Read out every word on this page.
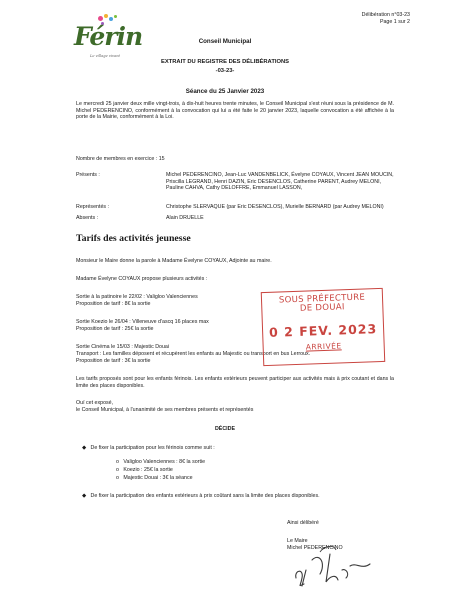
Férin
Le village vivant
Délibération n°03-23
Page 1 sur 2
Conseil Municipal
EXTRAIT DU REGISTRE DES DÉLIBÉRATIONS
-03-23-
Séance du 25 Janvier 2023
Le mercredi 25 janvier deux mille vingt-trois, à dix-huit heures trente minutes, le Conseil Municipal s'est réuni sous la présidence de M. Michel PEDERENCINO, conformément à la convocation qui lui a été faite le 20 janvier 2023, laquelle convocation a été affichée à la porte de la Mairie, conformément à la Loi.
Nombre de membres en exercice : 15
Présents :	Michel PEDERENCINO, Jean-Luc VANDENBELICK, Évelyne COYAUX, Vincent JEAN MOUCIN, Priscilla LEGRAND, Henri DAZIN, Eric DESENCLOS, Catherine PARENT, Audrey MELONI, Pauline CAHVA, Cathy DELOFFRE, Emmanuel LASSON,
Représentés :	Christophe SLERVAQUE (par Eric DESENCLOS), Murielle BERNARD (par Audrey MELONI)
Absents :	Alain DRUELLE
Tarifs des activités jeunesse
Monsieur le Maire donne la parole à Madame Évelyne COYAUX, Adjointe au maire.
Madame Évelyne COYAUX propose plusieurs activités :
Sortie à la patinoire le 22/02 : Valigloo Valenciennes
Proposition de tarif : 8€ la sortie
Sortie Koezio le 26/04 : Villeneuve d'ascq 16 places max
Proposition de tarif : 25€ la sortie
Sortie Cinéma le 15/03 : Majestic Douai
Transport : Les familles déposent et récupèrent les enfants au Majestic ou transport en bus Lerroux.
Proposition de tarif : 3€ la sortie
Les tarifs proposés sont pour les enfants férinois. Les enfants extérieurs peuvent participer aux activités mais à prix coutant et dans la limite des places disponibles.
Ouï cet exposé,
le Conseil Municipal, à l'unanimité de ses membres présents et représentés
DÉCIDE
◆   De fixer la participation pour les férinois comme suit :
o   Valigloo Valenciennes : 8€ la sortie
o   Koezio : 25€ la sortie
o   Majestic Douai : 3€ la séance
◆   De fixer la participation des enfants extérieurs à prix coûtant sans la limite des places disponibles.
Ainsi délibéré
Le Maire
Michel PEDERENCINO
SOUS PRÉFECTURE
DE DOUAI
0 2 FEV. 2023
ARRIVÉE
